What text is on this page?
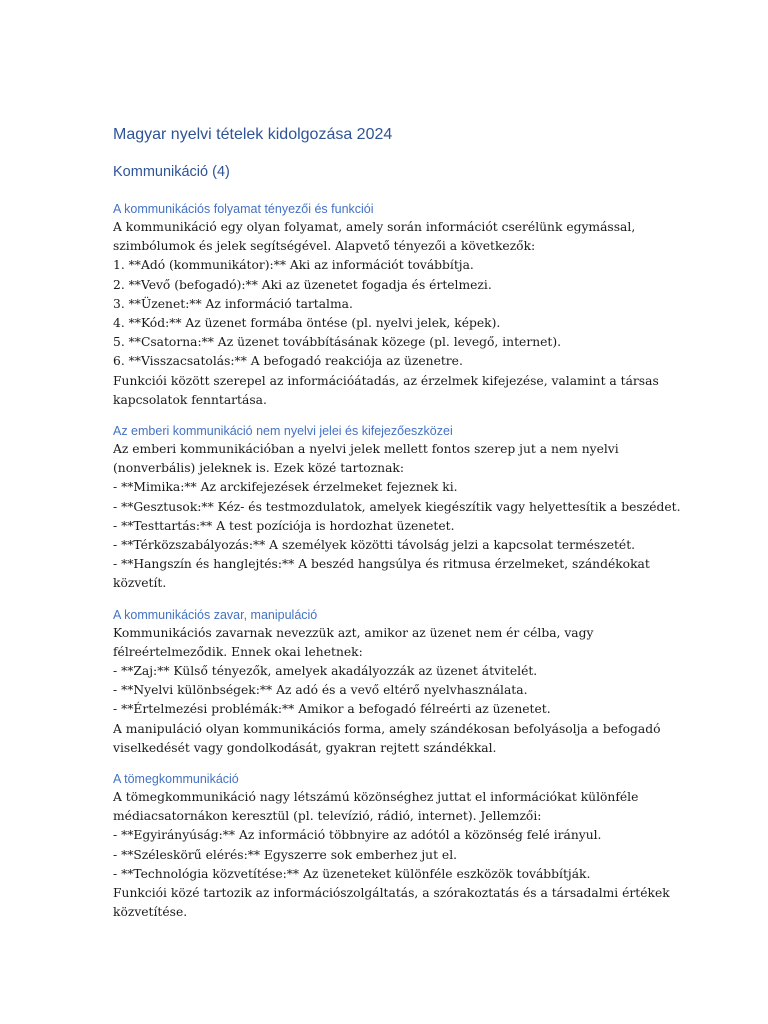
Magyar nyelvi tételek kidolgozása 2024
Kommunikáció (4)
A kommunikációs folyamat tényezői és funkciói

A kommunikáció egy olyan folyamat, amely során információt cserélünk egymással,

szimbólumok és jelek segítségével. Alapvető tényezői a következők:

1. **Adó (kommunikátor):** Aki az információt továbbítja.

2. **Vevő (befogadó):** Aki az üzenetet fogadja és értelmezi.

3. **Üzenet:** Az információ tartalma.

4. **Kód:** Az üzenet formába öntése (pl. nyelvi jelek, képek).

5. **Csatorna:** Az üzenet továbbításának közege (pl. levegő, internet).

6. **Visszacsatolás:** A befogadó reakciója az üzenetre.

Funkciói között szerepel az információátadás, az érzelmek kifejezése, valamint a társas

kapcsolatok fenntartása.

Az emberi kommunikáció nem nyelvi jelei és kifejezőeszközei

Az emberi kommunikációban a nyelvi jelek mellett fontos szerep jut a nem nyelvi

(nonverbális) jeleknek is. Ezek közé tartoznak:

- **Mimika:** Az arckifejezések érzelmeket fejeznek ki.

- **Gesztusok:** Kéz- és testmozdulatok, amelyek kiegészítik vagy helyettesítik a beszédet.

- **Testtartás:** A test pozíciója is hordozhat üzenetet.

- **Térközszabályozás:** A személyek közötti távolság jelzi a kapcsolat természetét.

- **Hangszín és hanglejtés:** A beszéd hangsúlya és ritmusa érzelmeket, szándékokat

közvetít.

A kommunikációs zavar, manipuláció

Kommunikációs zavarnak nevezzük azt, amikor az üzenet nem ér célba, vagy

félreértelmeződik. Ennek okai lehetnek:

- **Zaj:** Külső tényezők, amelyek akadályozzák az üzenet átvitelét.

- **Nyelvi különbségek:** Az adó és a vevő eltérő nyelvhasználata.

- **Értelmezési problémák:** Amikor a befogadó félreérti az üzenetet.

A manipuláció olyan kommunikációs forma, amely szándékosan befolyásolja a befogadó

viselkedését vagy gondolkodását, gyakran rejtett szándékkal.

A tömegkommunikáció

A tömegkommunikáció nagy létszámú közönséghez juttat el információkat különféle

médiacsatornákon keresztül (pl. televízió, rádió, internet). Jellemzői:

- **Egyirányúság:** Az információ többnyire az adótól a közönség felé irányul.

- **Széleskörű elérés:** Egyszerre sok emberhez jut el.

- **Technológia közvetítése:** Az üzeneteket különféle eszközök továbbítják.

Funkciói közé tartozik az információszolgáltatás, a szórakoztatás és a társadalmi értékek

közvetítése.
